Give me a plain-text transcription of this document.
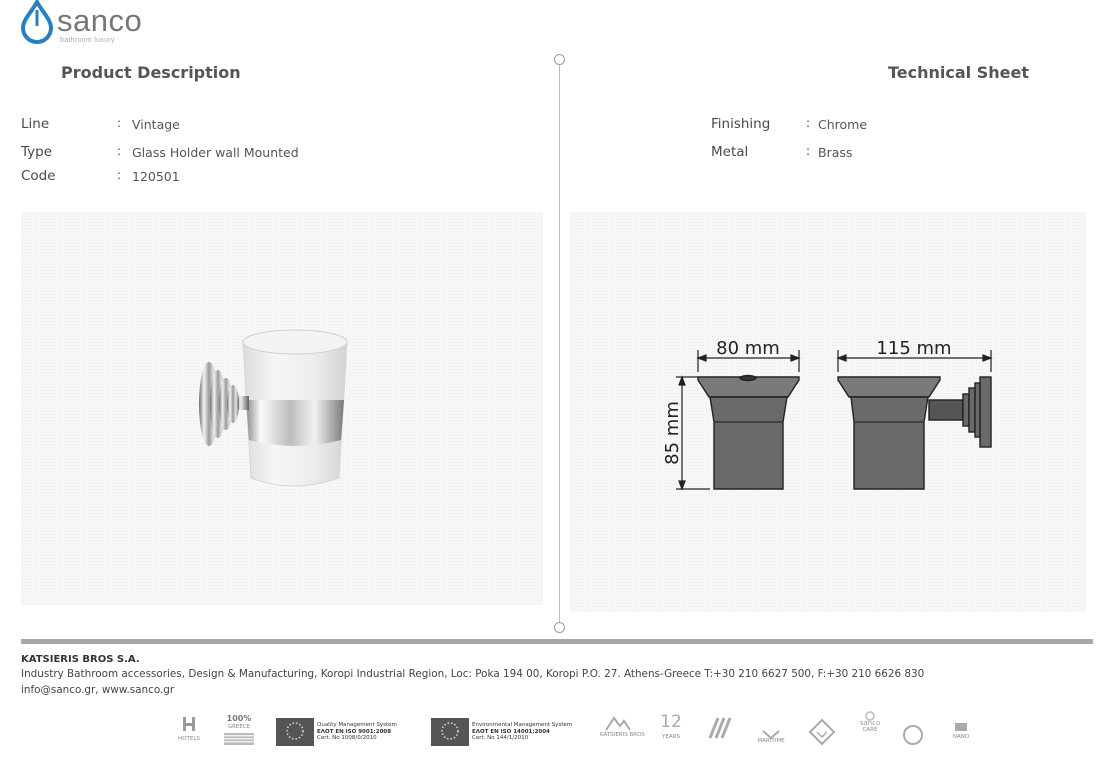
sanco
bathroom luxury
Product Description	Technical Sheet
Line	: Vintage
Type	: Glass Holder wall Mounted
Code	: 120501
Finishing	: Chrome
Metal	: Brass
80 mm	115 mm
85 mm
KATSIERIS BROS S.A.
Industry Bathroom accessories, Design & Manufacturing, Koropi Industrial Region, Loc: Poka 194 00, Koropi P.O. 27. Athens-Greece T:+30 210 6627 500, F:+30 210 6626 830
info@sanco.gr, www.sanco.gr
HOTELS
100%
GREECE	Quality Management System
ΕΛΟΤ ΕΝ ISO 9001:2008
Cert. No 1008/0/2010
Environmental Management System
ΕΛΟΤ ΕΝ ISO 14001:2004
Cert. No 144/1/2010	KATSIERIS BROS
12
YEARS
MARITIME
sanco
CARE
NANO
